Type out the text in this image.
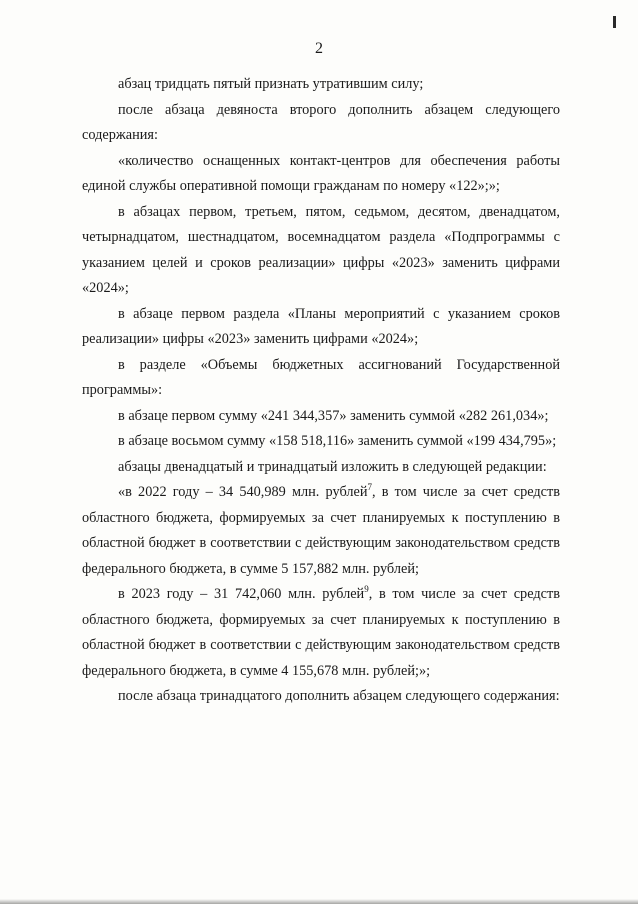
2

абзац тридцать пятый признать утратившим силу;

после абзаца девяноста второго дополнить абзацем следующего содержания:

«количество оснащенных контакт-центров для обеспечения работы единой службы оперативной помощи гражданам по номеру «122»;»;

в абзацах первом, третьем, пятом, седьмом, десятом, двенадцатом, четырнадцатом, шестнадцатом, восемнадцатом раздела «Подпрограммы с указанием целей и сроков реализации» цифры «2023» заменить цифрами «2024»;

в абзаце первом раздела «Планы мероприятий с указанием сроков реализации» цифры «2023» заменить цифрами «2024»;

в разделе «Объемы бюджетных ассигнований Государственной программы»:

в абзаце первом сумму «241 344,357» заменить суммой «282 261,034»;

в абзаце восьмом сумму «158 518,116» заменить суммой «199 434,795»;

абзацы двенадцатый и тринадцатый изложить в следующей редакции:

«в 2022 году – 34 540,989 млн. рублей$^7$, в том числе за счет средств областного бюджета, формируемых за счет планируемых к поступлению в областной бюджет в соответствии с действующим законодательством средств федерального бюджета, в сумме 5 157,882 млн. рублей;

в 2023 году – 31 742,060 млн. рублей$^9$, в том числе за счет средств областного бюджета, формируемых за счет планируемых к поступлению в областной бюджет в соответствии с действующим законодательством средств федерального бюджета, в сумме 4 155,678 млн. рублей;»;

после абзаца тринадцатого дополнить абзацем следующего содержания:
